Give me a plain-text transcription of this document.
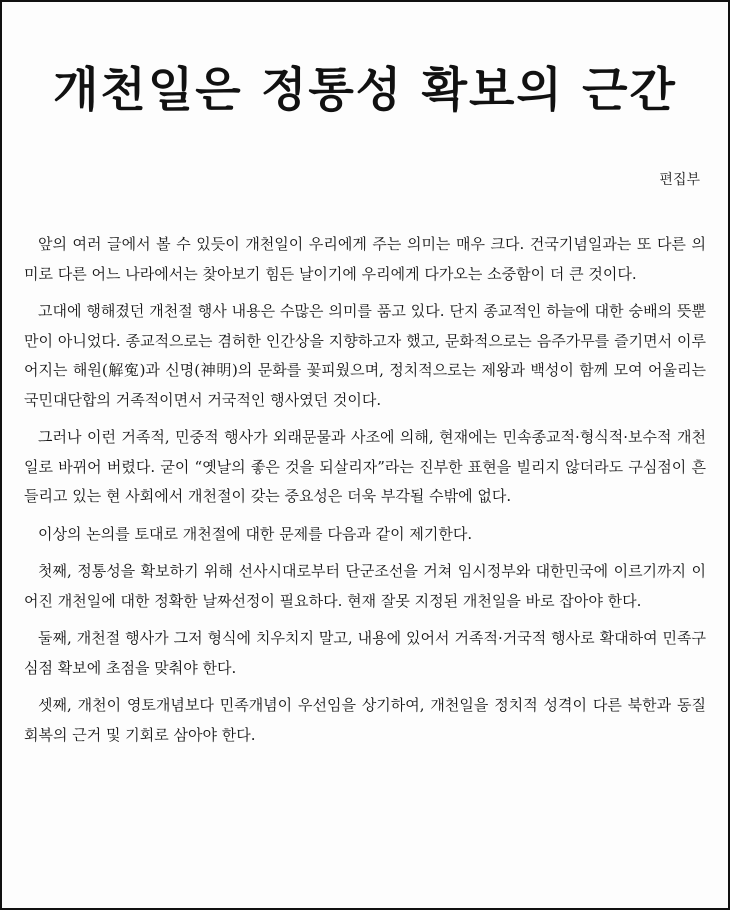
개천일은 정통성 확보의 근간
편집부

앞의 여러 글에서 볼 수 있듯이 개천일이 우리에게 주는 의미는 매우 크다. 건국기념일과는 또 다른 의미로 다른 어느 나라에서는 찾아보기 힘든 날이기에 우리에게 다가오는 소중함이 더 큰 것이다.

고대에 행해졌던 개천절 행사 내용은 수많은 의미를 품고 있다. 단지 종교적인 하늘에 대한 숭배의 뜻뿐만이 아니었다. 종교적으로는 겸허한 인간상을 지향하고자 했고, 문화적으로는 음주가무를 즐기면서 이루어지는 해원(解寃)과 신명(神明)의 문화를 꽃피웠으며, 정치적으로는 제왕과 백성이 함께 모여 어울리는 국민대단합의 거족적이면서 거국적인 행사였던 것이다.

그러나 이런 거족적, 민중적 행사가 외래문물과 사조에 의해, 현재에는 민속종교적·형식적·보수적 개천일로 바뀌어 버렸다. 굳이 “옛날의 좋은 것을 되살리자”라는 진부한 표현을 빌리지 않더라도 구심점이 흔들리고 있는 현 사회에서 개천절이 갖는 중요성은 더욱 부각될 수밖에 없다.

이상의 논의를 토대로 개천절에 대한 문제를 다음과 같이 제기한다.

첫째, 정통성을 확보하기 위해 선사시대로부터 단군조선을 거쳐 임시정부와 대한민국에 이르기까지 이어진 개천일에 대한 정확한 날짜선정이 필요하다. 현재 잘못 지정된 개천일을 바로 잡아야 한다.

둘째, 개천절 행사가 그저 형식에 치우치지 말고, 내용에 있어서 거족적·거국적 행사로 확대하여 민족구심점 확보에 초점을 맞춰야 한다.

셋째, 개천이 영토개념보다 민족개념이 우선임을 상기하여, 개천일을 정치적 성격이 다른 북한과 동질회복의 근거 및 기회로 삼아야 한다.
